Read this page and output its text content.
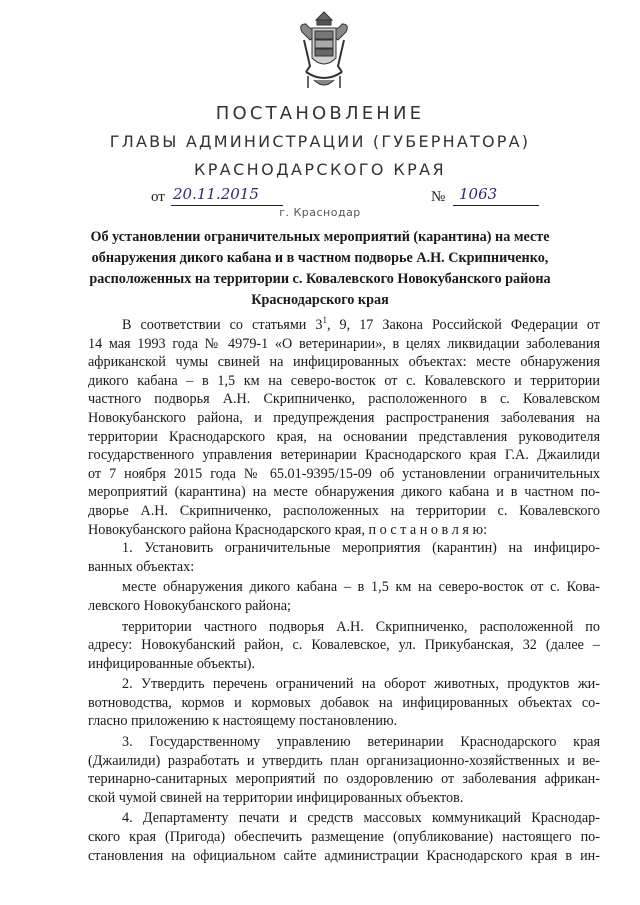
ПОСТАНОВЛЕНИЕ
ГЛАВЫ АДМИНИСТРАЦИИ (ГУБЕРНАТОРА)
КРАСНОДАРСКОГО КРАЯ
от 20.11.2015	№ 1063
г. Краснодар
Об установлении ограничительных мероприятий (карантина) на месте
обнаружения дикого кабана и в частном подворье А.Н. Скрипниченко,
расположенных на территории с. Ковалевского Новокубанского района
Краснодарского края
В соответствии со статьями $3^1$, 9, 17 Закона Российской Федерации от
14 мая 1993 года № 4979-1 «О ветеринарии», в целях ликвидации заболевания
африканской чумы свиней на инфицированных объектах: месте обнаружения
дикого кабана – в 1,5 км на северо-восток от с. Ковалевского и территории
частного подворья А.Н. Скрипниченко, расположенного в с. Ковалевском
Новокубанского района, и предупреждения распространения заболевания на
территории Краснодарского края, на основании представления руководителя
государственного управления ветеринарии Краснодарского края Г.А. Джаилиди
от 7 ноября 2015 года № 65.01-9395/15-09 об установлении ограничительных
мероприятий (карантина) на месте обнаружения дикого кабана и в частном по-
дворье А.Н. Скрипниченко, расположенных на территории с. Ковалевского
Новокубанского района Краснодарского края, п о с т а н о в л я ю:
1. Установить ограничительные мероприятия (карантин) на инфициро-
ванных объектах:
месте обнаружения дикого кабана – в 1,5 км на северо-восток от с. Кова-
левского Новокубанского района;
территории частного подворья А.Н. Скрипниченко, расположенной по
адресу: Новокубанский район, с. Ковалевское, ул. Прикубанская, 32 (далее –
инфицированные объекты).
2. Утвердить перечень ограничений на оборот животных, продуктов жи-
вотноводства, кормов и кормовых добавок на инфицированных объектах со-
гласно приложению к настоящему постановлению.
3. Государственному управлению ветеринарии Краснодарского края
(Джаилиди) разработать и утвердить план организационно-хозяйственных и ве-
теринарно-санитарных мероприятий по оздоровлению от заболевания африкан-
ской чумой свиней на территории инфицированных объектов.
4. Департаменту печати и средств массовых коммуникаций Краснодар-
ского края (Пригода) обеспечить размещение (опубликование) настоящего по-
становления на официальном сайте администрации Краснодарского края в ин-
